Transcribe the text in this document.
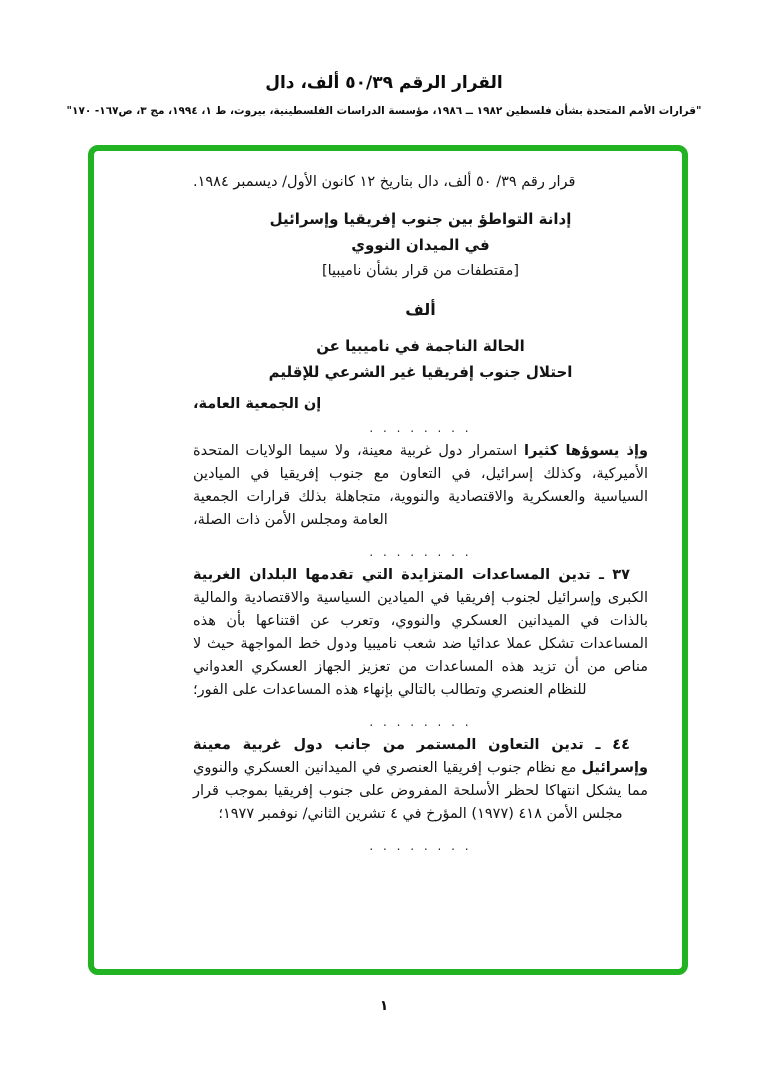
القرار الرقم ٣٩‏/‏٥٠ ألف، دال
"قرارات الأمم المتحدة بشأن فلسطين ١٩٨٢ ــ ١٩٨٦، مؤسسة الدراسات الفلسطينية، بيروت، ط ١، ١٩٩٤، مج ٣، ص١٦٧- ١٧٠"

قرار رقم ٣٩/ ٥٠ ألف، دال بتاريخ ١٢ كانون الأول/ ديسمبر ١٩٨٤.

إدانة التواطؤ بين جنوب إفريقيا وإسرائيل
في الميدان النووي
[مقتطفات من قرار بشأن ناميبيا]
ألف
الحالة الناجمة في ناميبيا عن
احتلال جنوب إفريقيا غير الشرعي للإقليم
إن الجمعية العامة،
. . . . . . . .

وإذ يسوؤها كثيرا استمرار دول غربية معينة، ولا سيما الولايات المتحدة الأميركية، وكذلك إسرائيل، في التعاون مع جنوب إفريقيا في الميادين السياسية والعسكرية والاقتصادية والنووية، متجاهلة بذلك قرارات الجمعية العامة ومجلس الأمن ذات الصلة،

. . . . . . . .

٣٧ ـ تدين المساعدات المتزايدة التي تقدمها البلدان الغربية الكبرى وإسرائيل لجنوب إفريقيا في الميادين السياسية والاقتصادية والمالية بالذات في الميدانين العسكري والنووي، وتعرب عن اقتناعها بأن هذه المساعدات تشكل عملا عدائيا ضد شعب ناميبيا ودول خط المواجهة حيث لا مناص من أن تزيد هذه المساعدات من تعزيز الجهاز العسكري العدواني للنظام العنصري وتطالب بالتالي بإنهاء هذه المساعدات على الفور؛

. . . . . . . .

٤٤ ـ تدين التعاون المستمر من جانب دول غربية معينة وإسرائيل مع نظام جنوب إفريقيا العنصري في الميدانين العسكري والنووي مما يشكل انتهاكا لحظر الأسلحة المفروض على جنوب إفريقيا بموجب قرار مجلس الأمن ٤١٨ (١٩٧٧) المؤرخ في ٤ تشرين الثاني/ نوفمبر ١٩٧٧؛

. . . . . . . .
١
